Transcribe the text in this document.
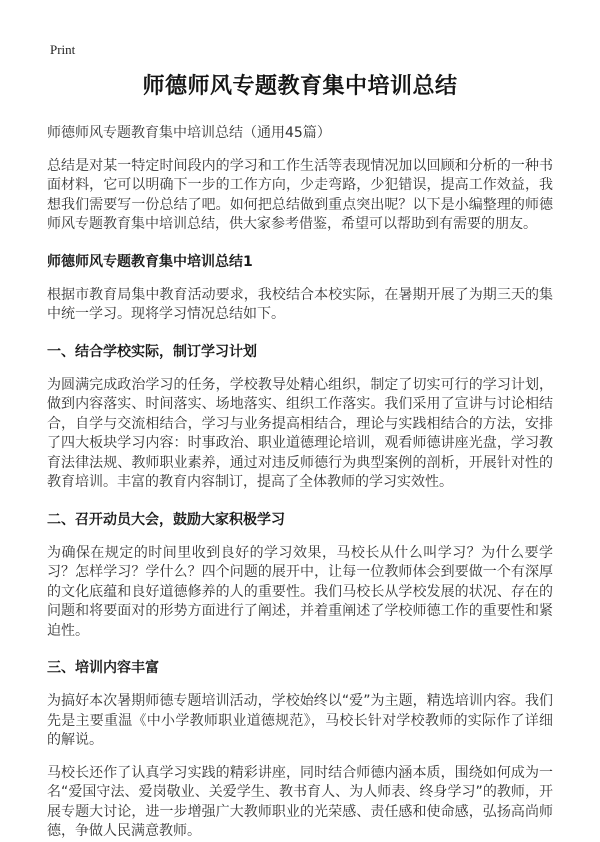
Print
师德师风专题教育集中培训总结

师德师风专题教育集中培训总结（通用45篇）

总结是对某一特定时间段内的学习和工作生活等表现情况加以回顾和分析的一种书面材料，它可以明确下一步的工作方向，少走弯路，少犯错误，提高工作效益，我想我们需要写一份总结了吧。如何把总结做到重点突出呢？以下是小编整理的师德师风专题教育集中培训总结，供大家参考借鉴，希望可以帮助到有需要的朋友。

师德师风专题教育集中培训总结1

根据市教育局集中教育活动要求，我校结合本校实际，在暑期开展了为期三天的集中统一学习。现将学习情况总结如下。

一、结合学校实际，制订学习计划

为圆满完成政治学习的任务，学校教导处精心组织，制定了切实可行的学习计划，做到内容落实、时间落实、场地落实、组织工作落实。我们采用了宣讲与讨论相结合，自学与交流相结合，学习与业务提高相结合，理论与实践相结合的方法，安排了四大板块学习内容：时事政治、职业道德理论培训，观看师德讲座光盘，学习教育法律法规、教师职业素养，通过对违反师德行为典型案例的剖析，开展针对性的教育培训。丰富的教育内容制订，提高了全体教师的学习实效性。

二、召开动员大会，鼓励大家积极学习

为确保在规定的时间里收到良好的学习效果，马校长从什么叫学习？为什么要学习？怎样学习？学什么？四个问题的展开中，让每一位教师体会到要做一个有深厚的文化底蕴和良好道德修养的人的重要性。我们马校长从学校发展的状况、存在的问题和将要面对的形势方面进行了阐述，并着重阐述了学校师德工作的重要性和紧迫性。

三、培训内容丰富

为搞好本次暑期师德专题培训活动，学校始终以“爱”为主题，精选培训内容。我们先是主要重温《中小学教师职业道德规范》，马校长针对学校教师的实际作了详细的解说。

马校长还作了认真学习实践的精彩讲座，同时结合师德内涵本质，围绕如何成为一名“爱国守法、爱岗敬业、关爱学生、教书育人、为人师表、终身学习”的教师，开展专题大讨论，进一步增强广大教师职业的光荣感、责任感和使命感，弘扬高尚师德，争做人民满意教师。
